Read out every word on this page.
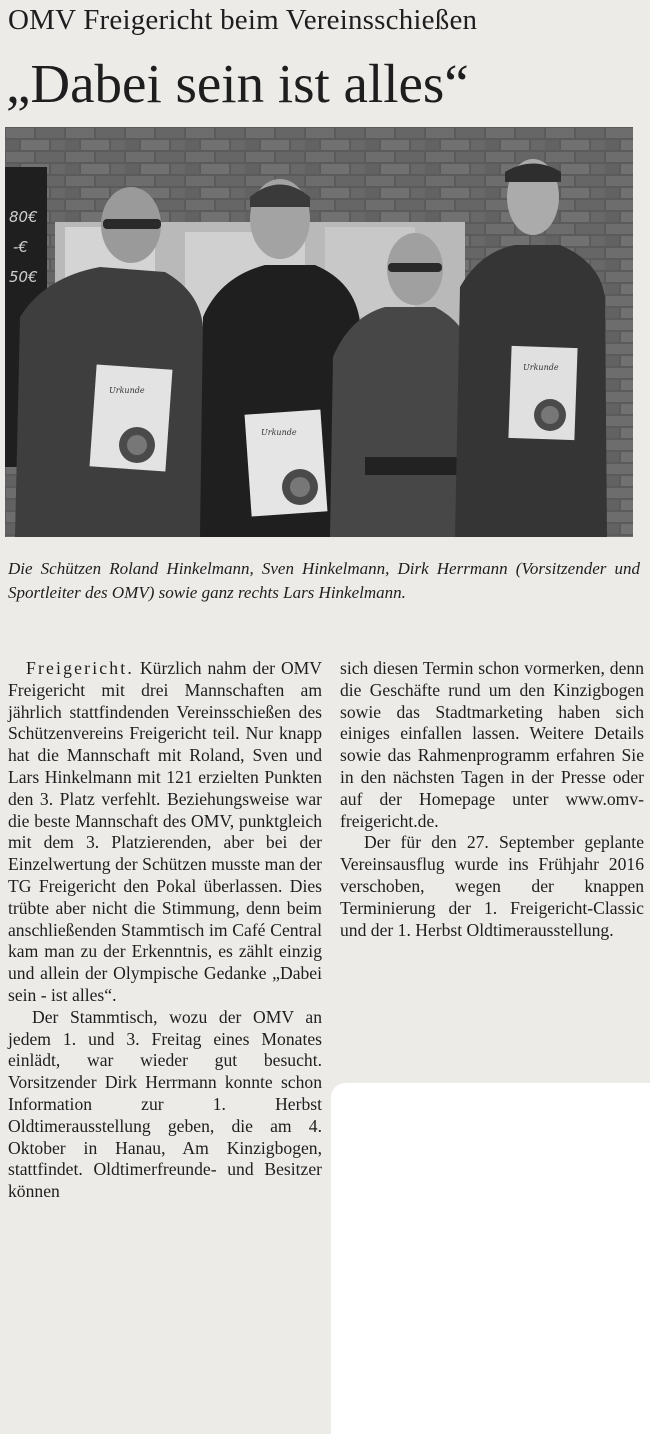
OMV Freigericht beim Vereinsschießen
„Dabei sein ist alles“
80€
-€
50€
Urkunde
Urkunde
Urkunde
Die Schützen Roland Hinkelmann, Sven Hinkelmann, Dirk Herrmann (Vorsitzender und Sportleiter des OMV) sowie ganz rechts Lars Hinkelmann.

Freigericht. Kürzlich nahm der OMV Freigericht mit drei Mannschaften am jährlich stattfindenden Vereinsschießen des Schützenvereins Freigericht teil. Nur knapp hat die Mannschaft mit Roland, Sven und Lars Hinkelmann mit 121 erzielten Punkten den 3. Platz verfehlt. Beziehungsweise war die beste Mannschaft des OMV, punktgleich mit dem 3. Platzierenden, aber bei der Einzelwertung der Schützen musste man der TG Freigericht den Pokal überlassen. Dies trübte aber nicht die Stimmung, denn beim anschließenden Stammtisch im Café Central kam man zu der Erkenntnis, es zählt einzig und allein der Olympische Gedanke „Dabei sein - ist alles“.

Der Stammtisch, wozu der OMV an jedem 1. und 3. Freitag eines Monates einlädt, war wieder gut besucht. Vorsitzender Dirk Herrmann konnte schon Information zur 1. Herbst Oldtimerausstellung geben, die am 4. Oktober in Hanau, Am Kinzigbogen, stattfindet. Oldtimerfreunde- und Besitzer können

sich diesen Termin schon vormerken, denn die Geschäfte rund um den Kinzigbogen sowie das Stadtmarketing haben sich einiges einfallen lassen. Weitere Details sowie das Rahmenprogramm erfahren Sie in den nächsten Tagen in der Presse oder auf der Homepage unter www.omv-freigericht.de.

Der für den 27. September geplante Vereinsausflug wurde ins Frühjahr 2016 verschoben, wegen der knappen Terminierung der 1. Freigericht-Classic und der 1. Herbst Oldtimerausstellung.
